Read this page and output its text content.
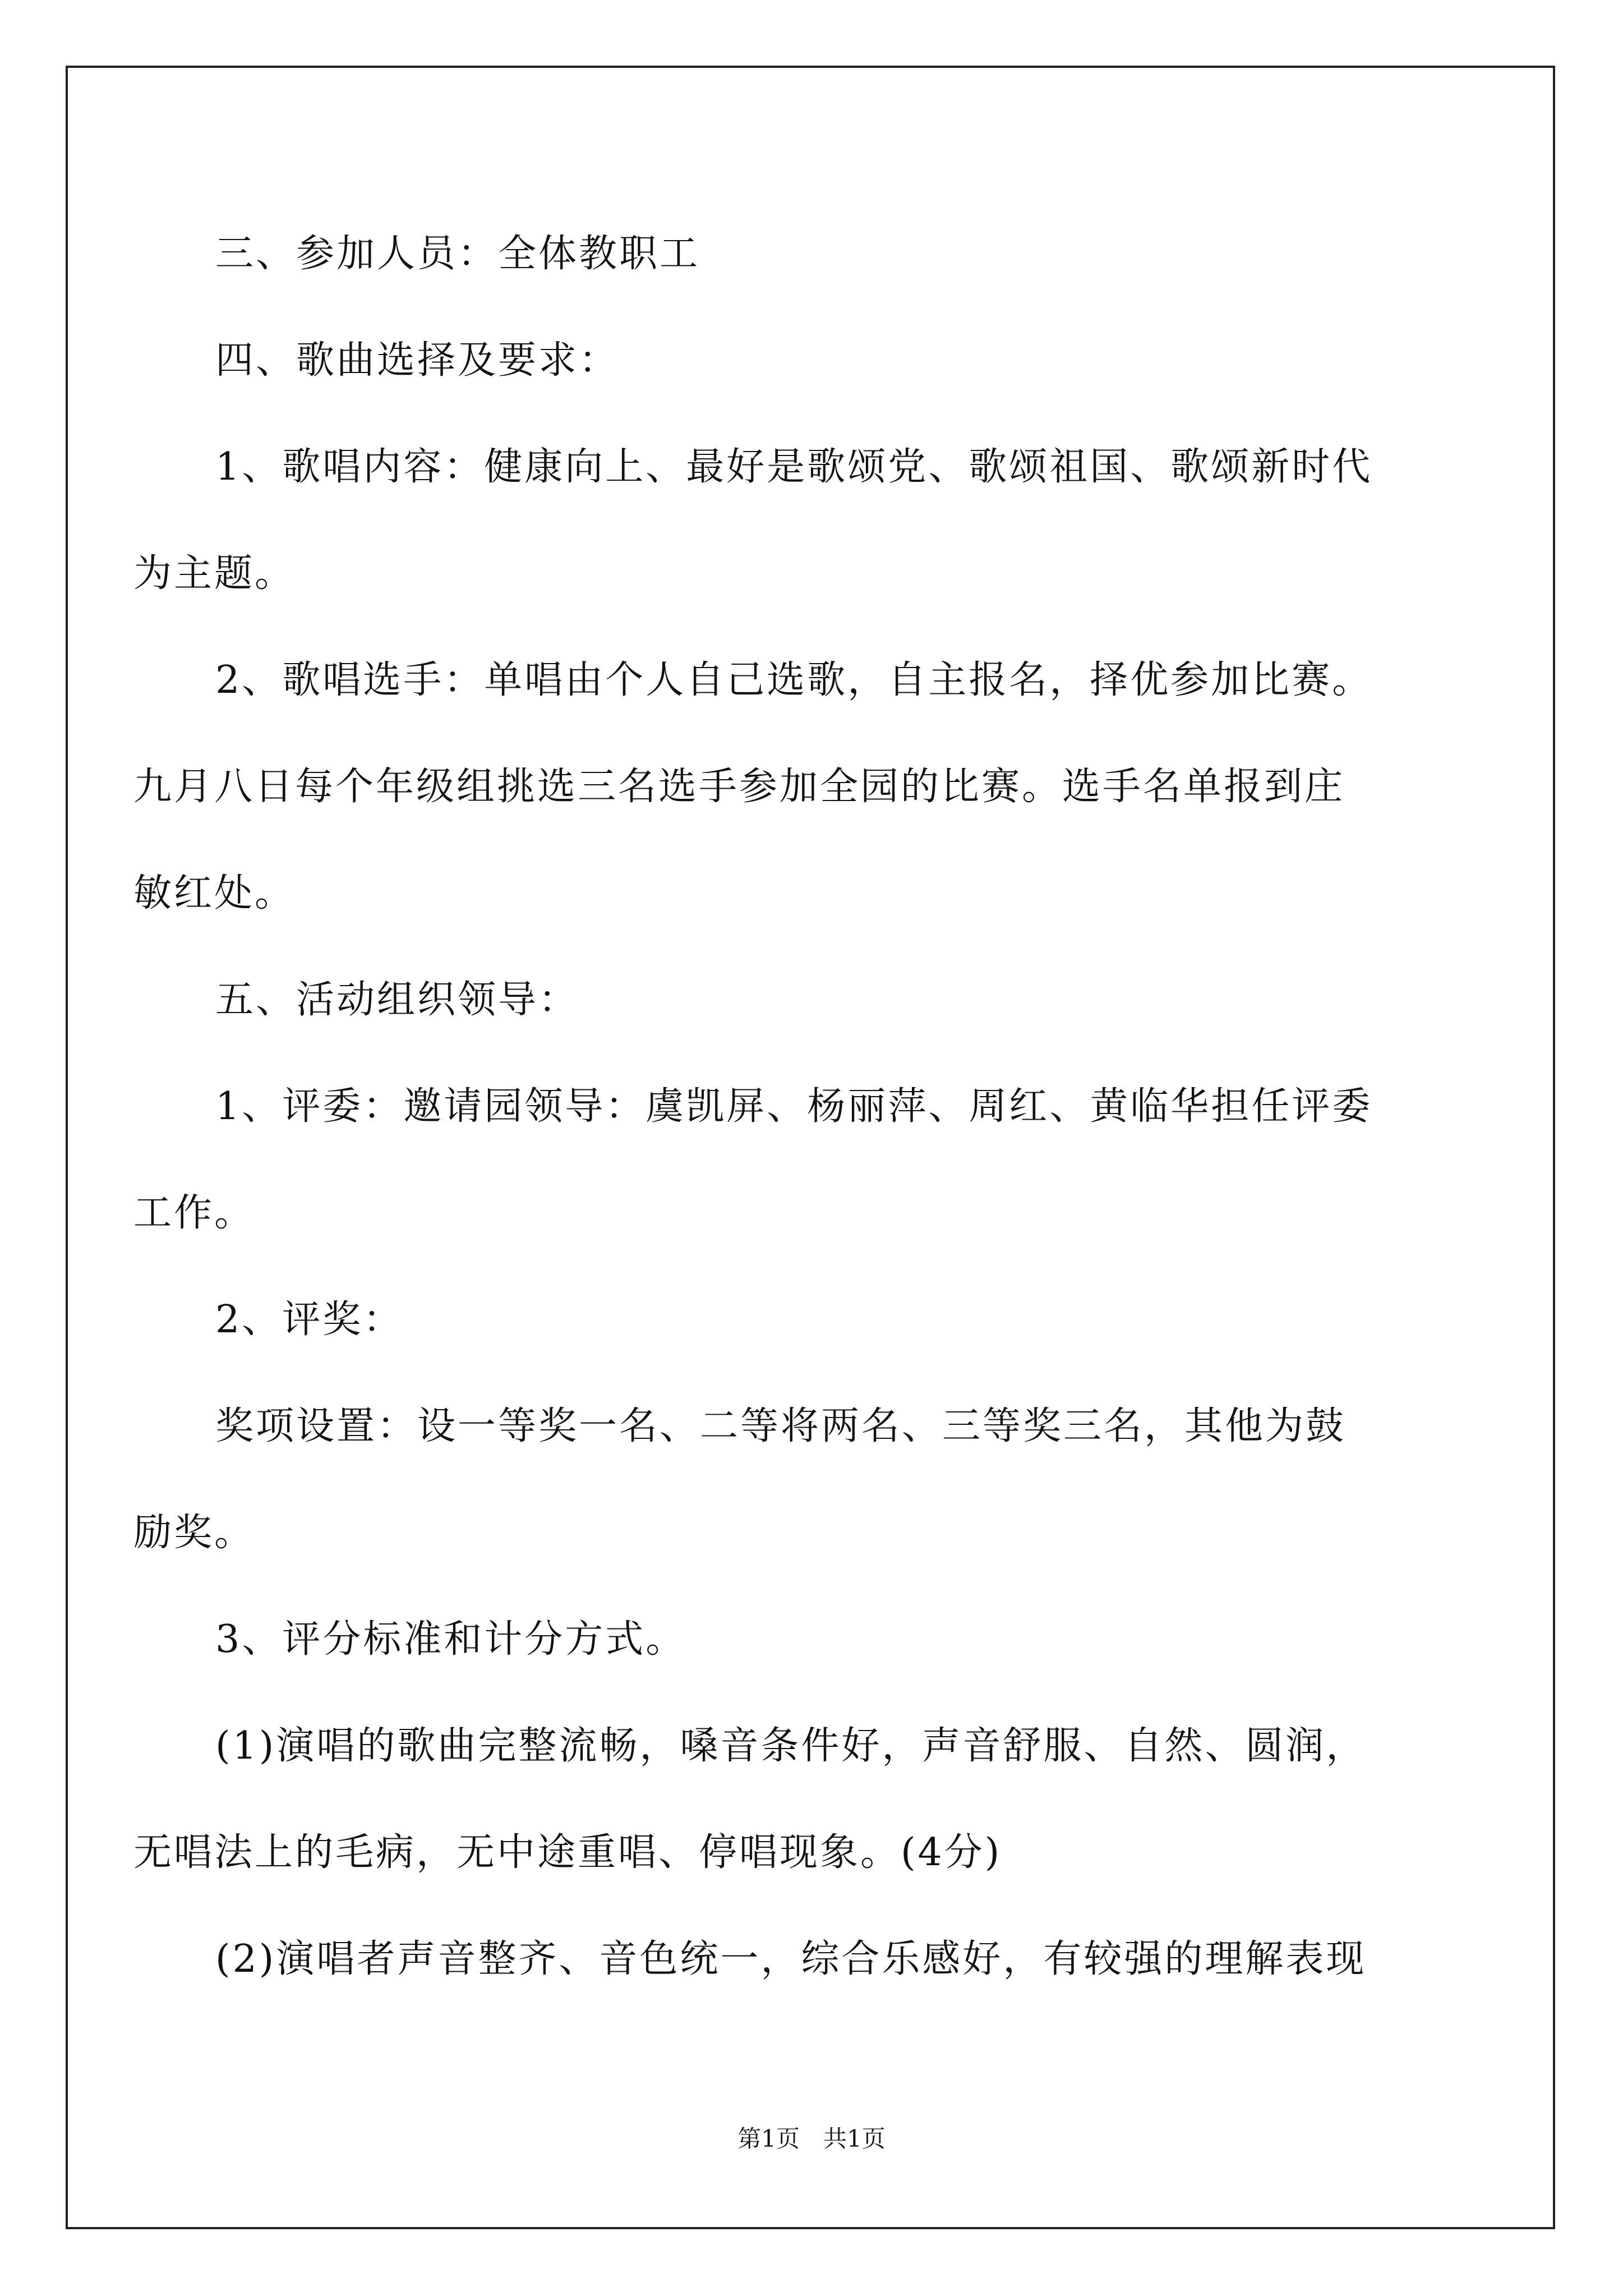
三、参加人员：全体教职工
四、歌曲选择及要求：
1、歌唱内容：健康向上、最好是歌颂党、歌颂祖国、歌颂新时代
为主题。
2、歌唱选手：单唱由个人自己选歌，自主报名，择优参加比赛。
九月八日每个年级组挑选三名选手参加全园的比赛。选手名单报到庄
敏红处。
五、活动组织领导：
1、评委：邀请园领导：虞凯屏、杨丽萍、周红、黄临华担任评委
工作。
2、评奖：
奖项设置：设一等奖一名、二等将两名、三等奖三名，其他为鼓
励奖。
3、评分标准和计分方式。
(1)演唱的歌曲完整流畅，嗓音条件好，声音舒服、自然、圆润，
无唱法上的毛病，无中途重唱、停唱现象。(4分)
(2)演唱者声音整齐、音色统一，综合乐感好，有较强的理解表现
第1页　共1页
